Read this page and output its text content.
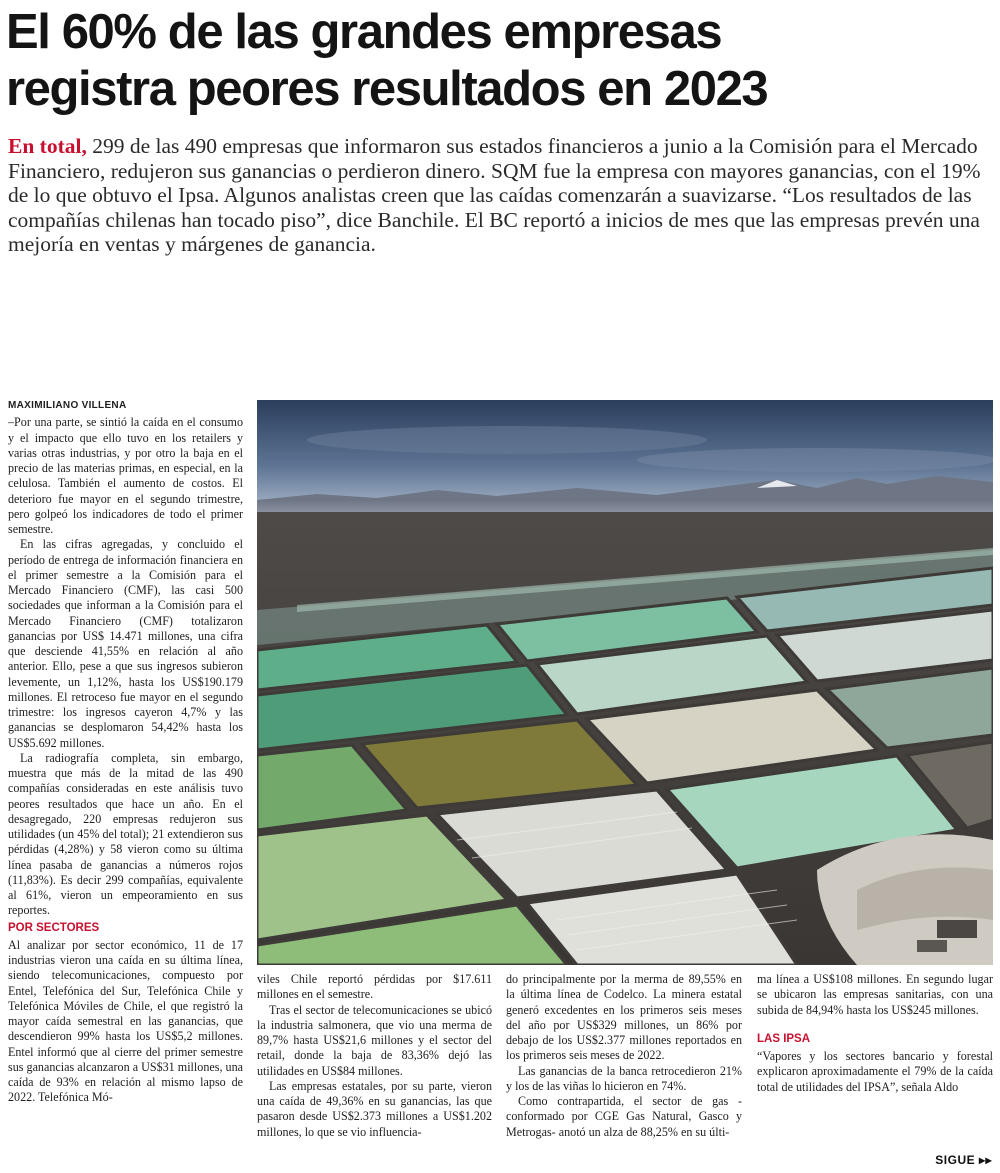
El 60% de las grandes empresas
registra peores resultados en 2023

En total, 299 de las 490 empresas que informaron sus estados financieros a junio a la Comisión para el Mercado Financiero, redujeron sus ganancias o perdieron dinero. SQM fue la empresa con mayores ganancias, con el 19% de lo que obtuvo el Ipsa. Algunos analistas creen que las caídas comenzarán a suavizarse. “Los resultados de las compañías chilenas han tocado piso”, dice Banchile. El BC reportó a inicios de mes que las empresas prevén una mejoría en ventas y márgenes de ganancia.

MAXIMILIANO VILLENA

–Por una parte, se sintió la caída en el consumo y el impacto que ello tuvo en los retailers y varias otras industrias, y por otro la baja en el precio de las materias primas, en especial, en la celulosa. También el aumento de costos. El deterioro fue mayor en el segundo trimestre, pero golpeó los indicadores de todo el primer semestre.

En las cifras agregadas, y concluido el período de entrega de información financiera en el primer semestre a la Comisión para el Mercado Financiero (CMF), las casi 500 sociedades que informan a la Comisión para el Mercado Financiero (CMF) totalizaron ganancias por US$ 14.471 millones, una cifra que desciende 41,55% en relación al año anterior. Ello, pese a que sus ingresos subieron levemente, un 1,12%, hasta los US$190.179 millones. El retroceso fue mayor en el segundo trimestre: los ingresos cayeron 4,7% y las ganancias se desplomaron 54,42% hasta los US$5.692 millones.

La radiografía completa, sin embargo, muestra que más de la mitad de las 490 compañías consideradas en este análisis tuvo peores resultados que hace un año. En el desagregado, 220 empresas redujeron sus utilidades (un 45% del total); 21 extendieron sus pérdidas (4,28%) y 58 vieron como su última línea pasaba de ganancias a números rojos (11,83%). Es decir 299 compañías, equivalente al 61%, vieron un empeoramiento en sus reportes.

POR SECTORES

Al analizar por sector económico, 11 de 17 industrias vieron una caída en su última línea, siendo telecomunicaciones, compuesto por Entel, Telefónica del Sur, Telefónica Chile y Telefónica Móviles de Chile, el que registró la mayor caída semestral en las ganancias, que descendieron 99% hasta los US$5,2 millones. Entel informó que al cierre del primer semestre sus ganancias alcanzaron a US$31 millones, una caída de 93% en relación al mismo lapso de 2022. Telefónica Mó-

viles Chile reportó pérdidas por $17.611 millones en el semestre.

Tras el sector de telecomunicaciones se ubicó la industria salmonera, que vio una merma de 89,7% hasta US$21,6 millones y el sector del retail, donde la baja de 83,36% dejó las utilidades en US$84 millones.

Las empresas estatales, por su parte, vieron una caída de 49,36% en su ganancias, las que pasaron desde US$2.373 millones a US$1.202 millones, lo que se vio influencia-

do principalmente por la merma de 89,55% en la última línea de Codelco. La minera estatal generó excedentes en los primeros seis meses del año por US$329 millones, un 86% por debajo de los US$2.377 millones reportados en los primeros seis meses de 2022.

Las ganancias de la banca retrocedieron 21% y los de las viñas lo hicieron en 74%.

Como contrapartida, el sector de gas -conformado por CGE Gas Natural, Gasco y Metrogas- anotó un alza de 88,25% en su últi-

ma línea a US$108 millones. En segundo lugar se ubicaron las empresas sanitarias, con una subida de 84,94% hasta los US$245 millones.

LAS IPSA

“Vapores y los sectores bancario y forestal explicaron aproximadamente el 79% de la caída total de utilidades del IPSA”, señala Aldo

SIGUE ▸▸
